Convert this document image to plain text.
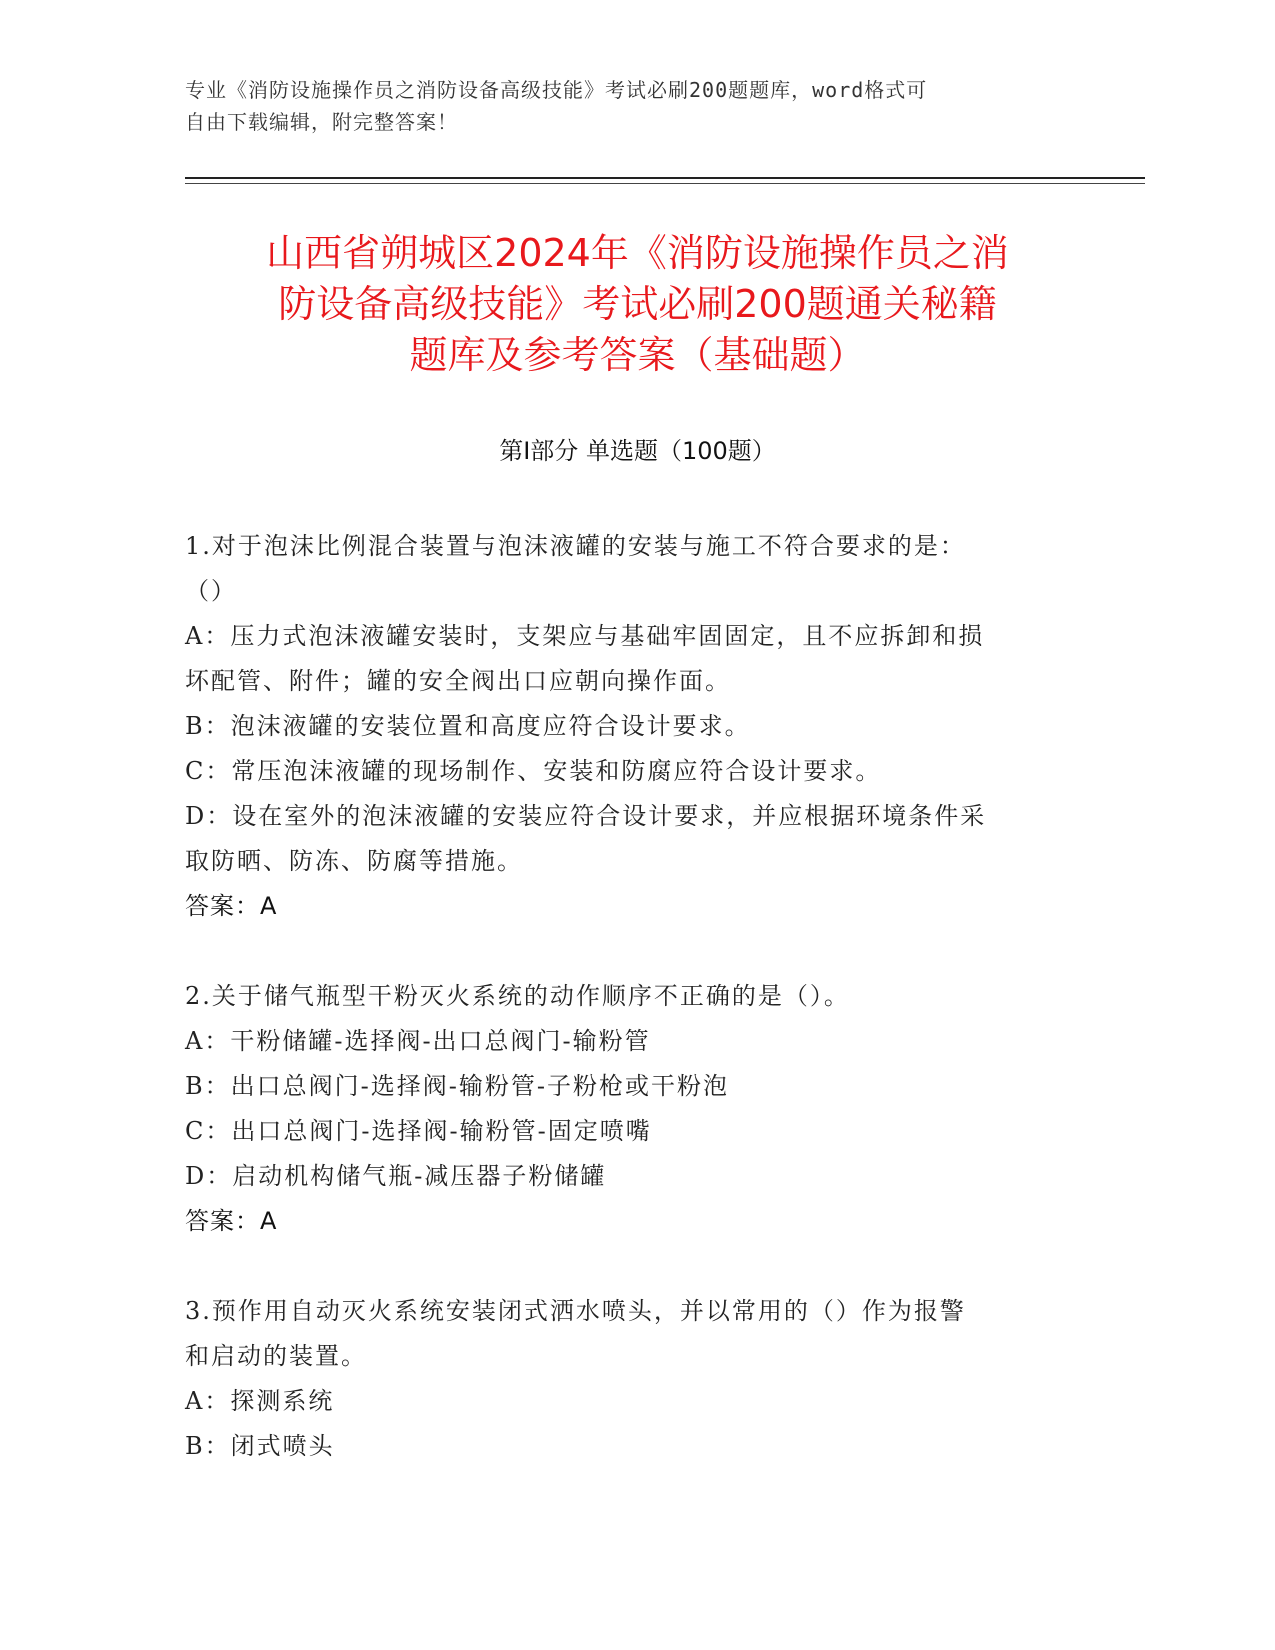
专业《消防设施操作员之消防设备高级技能》考试必刷200题题库，word格式可
自由下载编辑，附完整答案！
山西省朔城区2024年《消防设施操作员之消
防设备高级技能》考试必刷200题通关秘籍
题库及参考答案（基础题）
第Ⅰ部分 单选题（100题）

1.对于泡沫比例混合装置与泡沫液罐的安装与施工不符合要求的是：

（）

A：压力式泡沫液罐安装时，支架应与基础牢固固定，且不应拆卸和损

坏配管、附件；罐的安全阀出口应朝向操作面。

B：泡沫液罐的安装位置和高度应符合设计要求。

C：常压泡沫液罐的现场制作、安装和防腐应符合设计要求。

D：设在室外的泡沫液罐的安装应符合设计要求，并应根据环境条件采

取防晒、防冻、防腐等措施。

答案：A

2.关于储气瓶型干粉灭火系统的动作顺序不正确的是（）。

A：干粉储罐-选择阀-出口总阀门-输粉管

B：出口总阀门-选择阀-输粉管-子粉枪或干粉泡

C：出口总阀门-选择阀-输粉管-固定喷嘴

D：启动机构储气瓶-减压器子粉储罐

答案：A

3.预作用自动灭火系统安装闭式洒水喷头，并以常用的（）作为报警

和启动的装置。

A：探测系统

B：闭式喷头
